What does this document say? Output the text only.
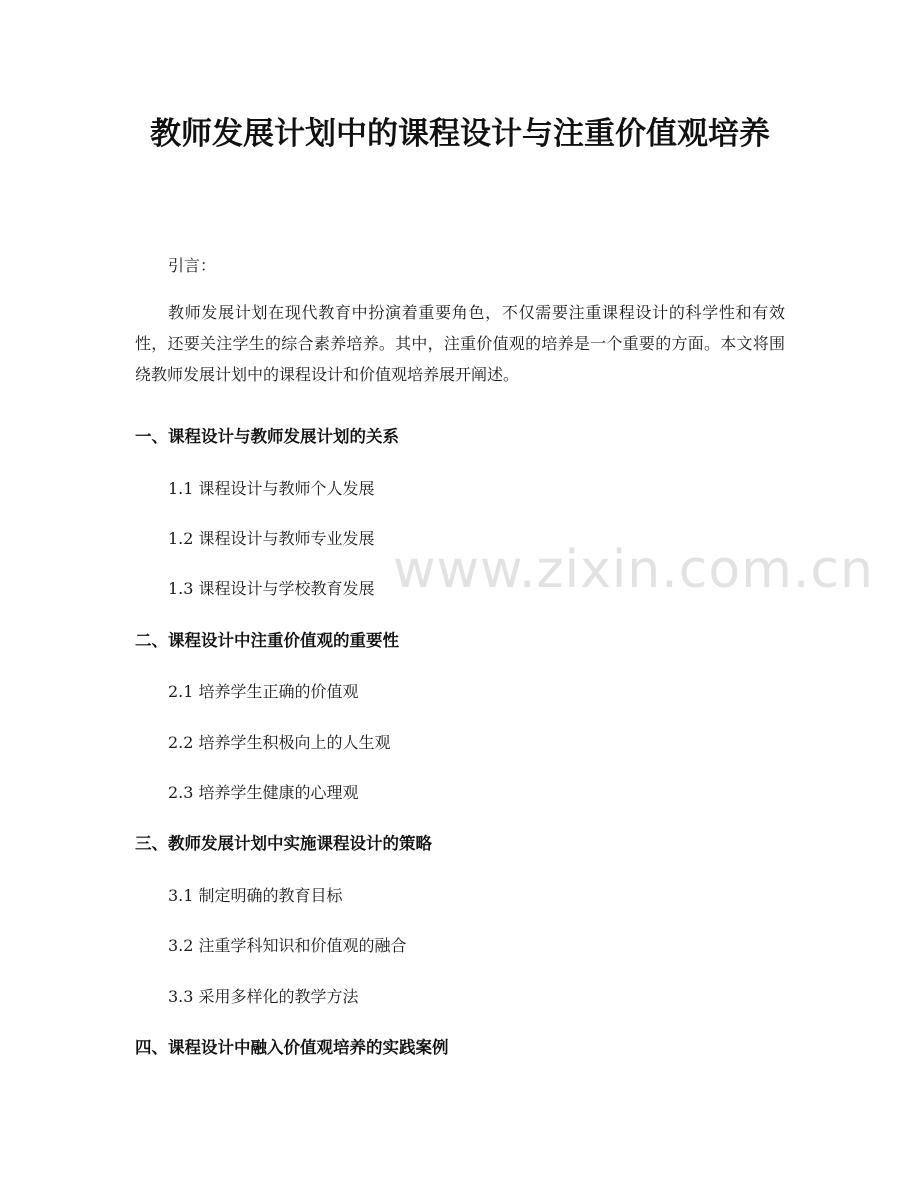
教师发展计划中的课程设计与注重价值观培养

引言：

教师发展计划在现代教育中扮演着重要角色，不仅需要注重课程设计的科学性和有效性，还要关注学生的综合素养培养。其中，注重价值观的培养是一个重要的方面。本文将围绕教师发展计划中的课程设计和价值观培养展开阐述。

一、课程设计与教师发展计划的关系

1.1 课程设计与教师个人发展

1.2 课程设计与教师专业发展

1.3 课程设计与学校教育发展

二、课程设计中注重价值观的重要性

2.1 培养学生正确的价值观

2.2 培养学生积极向上的人生观

2.3 培养学生健康的心理观

三、教师发展计划中实施课程设计的策略

3.1 制定明确的教育目标

3.2 注重学科知识和价值观的融合

3.3 采用多样化的教学方法

四、课程设计中融入价值观培养的实践案例
www.zixin.com.cn
